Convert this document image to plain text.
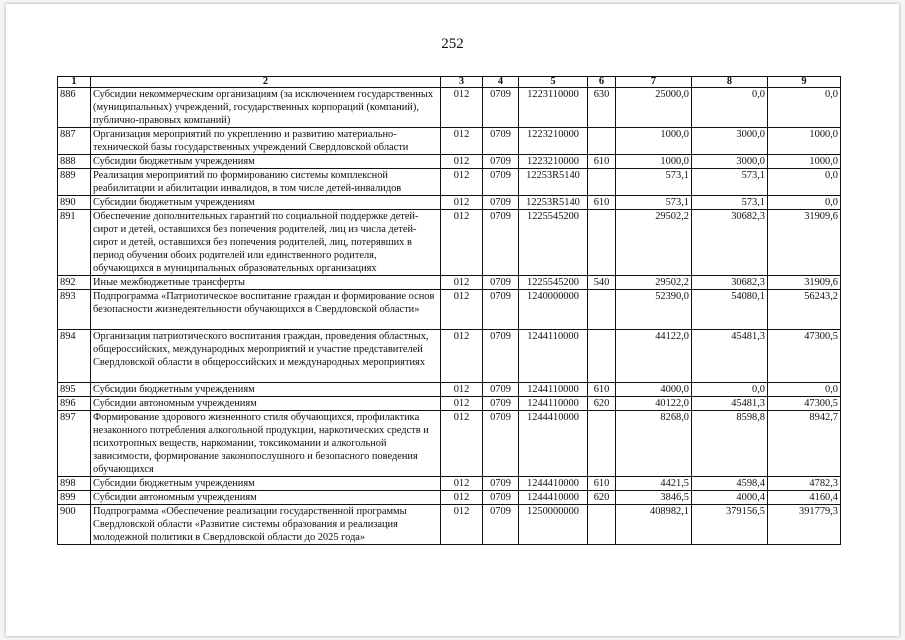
252
1	2	3	4	5	6	7	8	9
886	Субсидии некоммерческим организациям (за исключением государственных (муниципальных) учреждений, государственных корпораций (компаний), публично-правовых компаний)	012	0709	1223110000	630	25000,0	0,0	0,0
887	Организация мероприятий по укреплению и развитию материально-технической базы государственных учреждений Свердловской области	012	0709	1223210000		1000,0	3000,0	1000,0
888	Субсидии бюджетным учреждениям	012	0709	1223210000	610	1000,0	3000,0	1000,0
889	Реализация мероприятий по формированию системы комплексной реабилитации и абилитации инвалидов, в том числе детей-инвалидов	012	0709	12253R5140		573,1	573,1	0,0
890	Субсидии бюджетным учреждениям	012	0709	12253R5140	610	573,1	573,1	0,0
891	Обеспечение дополнительных гарантий по социальной поддержке детей-сирот и детей, оставшихся без попечения родителей, лиц из числа детей-сирот и детей, оставшихся без попечения родителей, лиц, потерявших в период обучения обоих родителей или единственного родителя, обучающихся в муниципальных образовательных организациях	012	0709	1225545200		29502,2	30682,3	31909,6
892	Иные межбюджетные трансферты	012	0709	1225545200	540	29502,2	30682,3	31909,6
893	Подпрограмма «Патриотическое воспитание граждан и формирование основ безопасности жизнедеятельности обучающихся в Свердловской области»	012	0709	1240000000		52390,0	54080,1	56243,2
894	Организация патриотического воспитания граждан, проведения областных, общероссийских, международных мероприятий и участие представителей Свердловской области в общероссийских и международных мероприятиях	012	0709	1244110000		44122,0	45481,3	47300,5
895	Субсидии бюджетным учреждениям	012	0709	1244110000	610	4000,0	0,0	0,0
896	Субсидии автономным учреждениям	012	0709	1244110000	620	40122,0	45481,3	47300,5
897	Формирование здорового жизненного стиля обучающихся, профилактика незаконного потребления алкогольной продукции, наркотических средств и психотропных веществ, наркомании, токсикомании и алкогольной зависимости, формирование законопослушного и безопасного поведения обучающихся	012	0709	1244410000		8268,0	8598,8	8942,7
898	Субсидии бюджетным учреждениям	012	0709	1244410000	610	4421,5	4598,4	4782,3
899	Субсидии автономным учреждениям	012	0709	1244410000	620	3846,5	4000,4	4160,4
900	Подпрограмма «Обеспечение реализации государственной программы Свердловской области «Развитие системы образования и реализация молодежной политики в Свердловской области до 2025 года»	012	0709	1250000000		408982,1	379156,5	391779,3
